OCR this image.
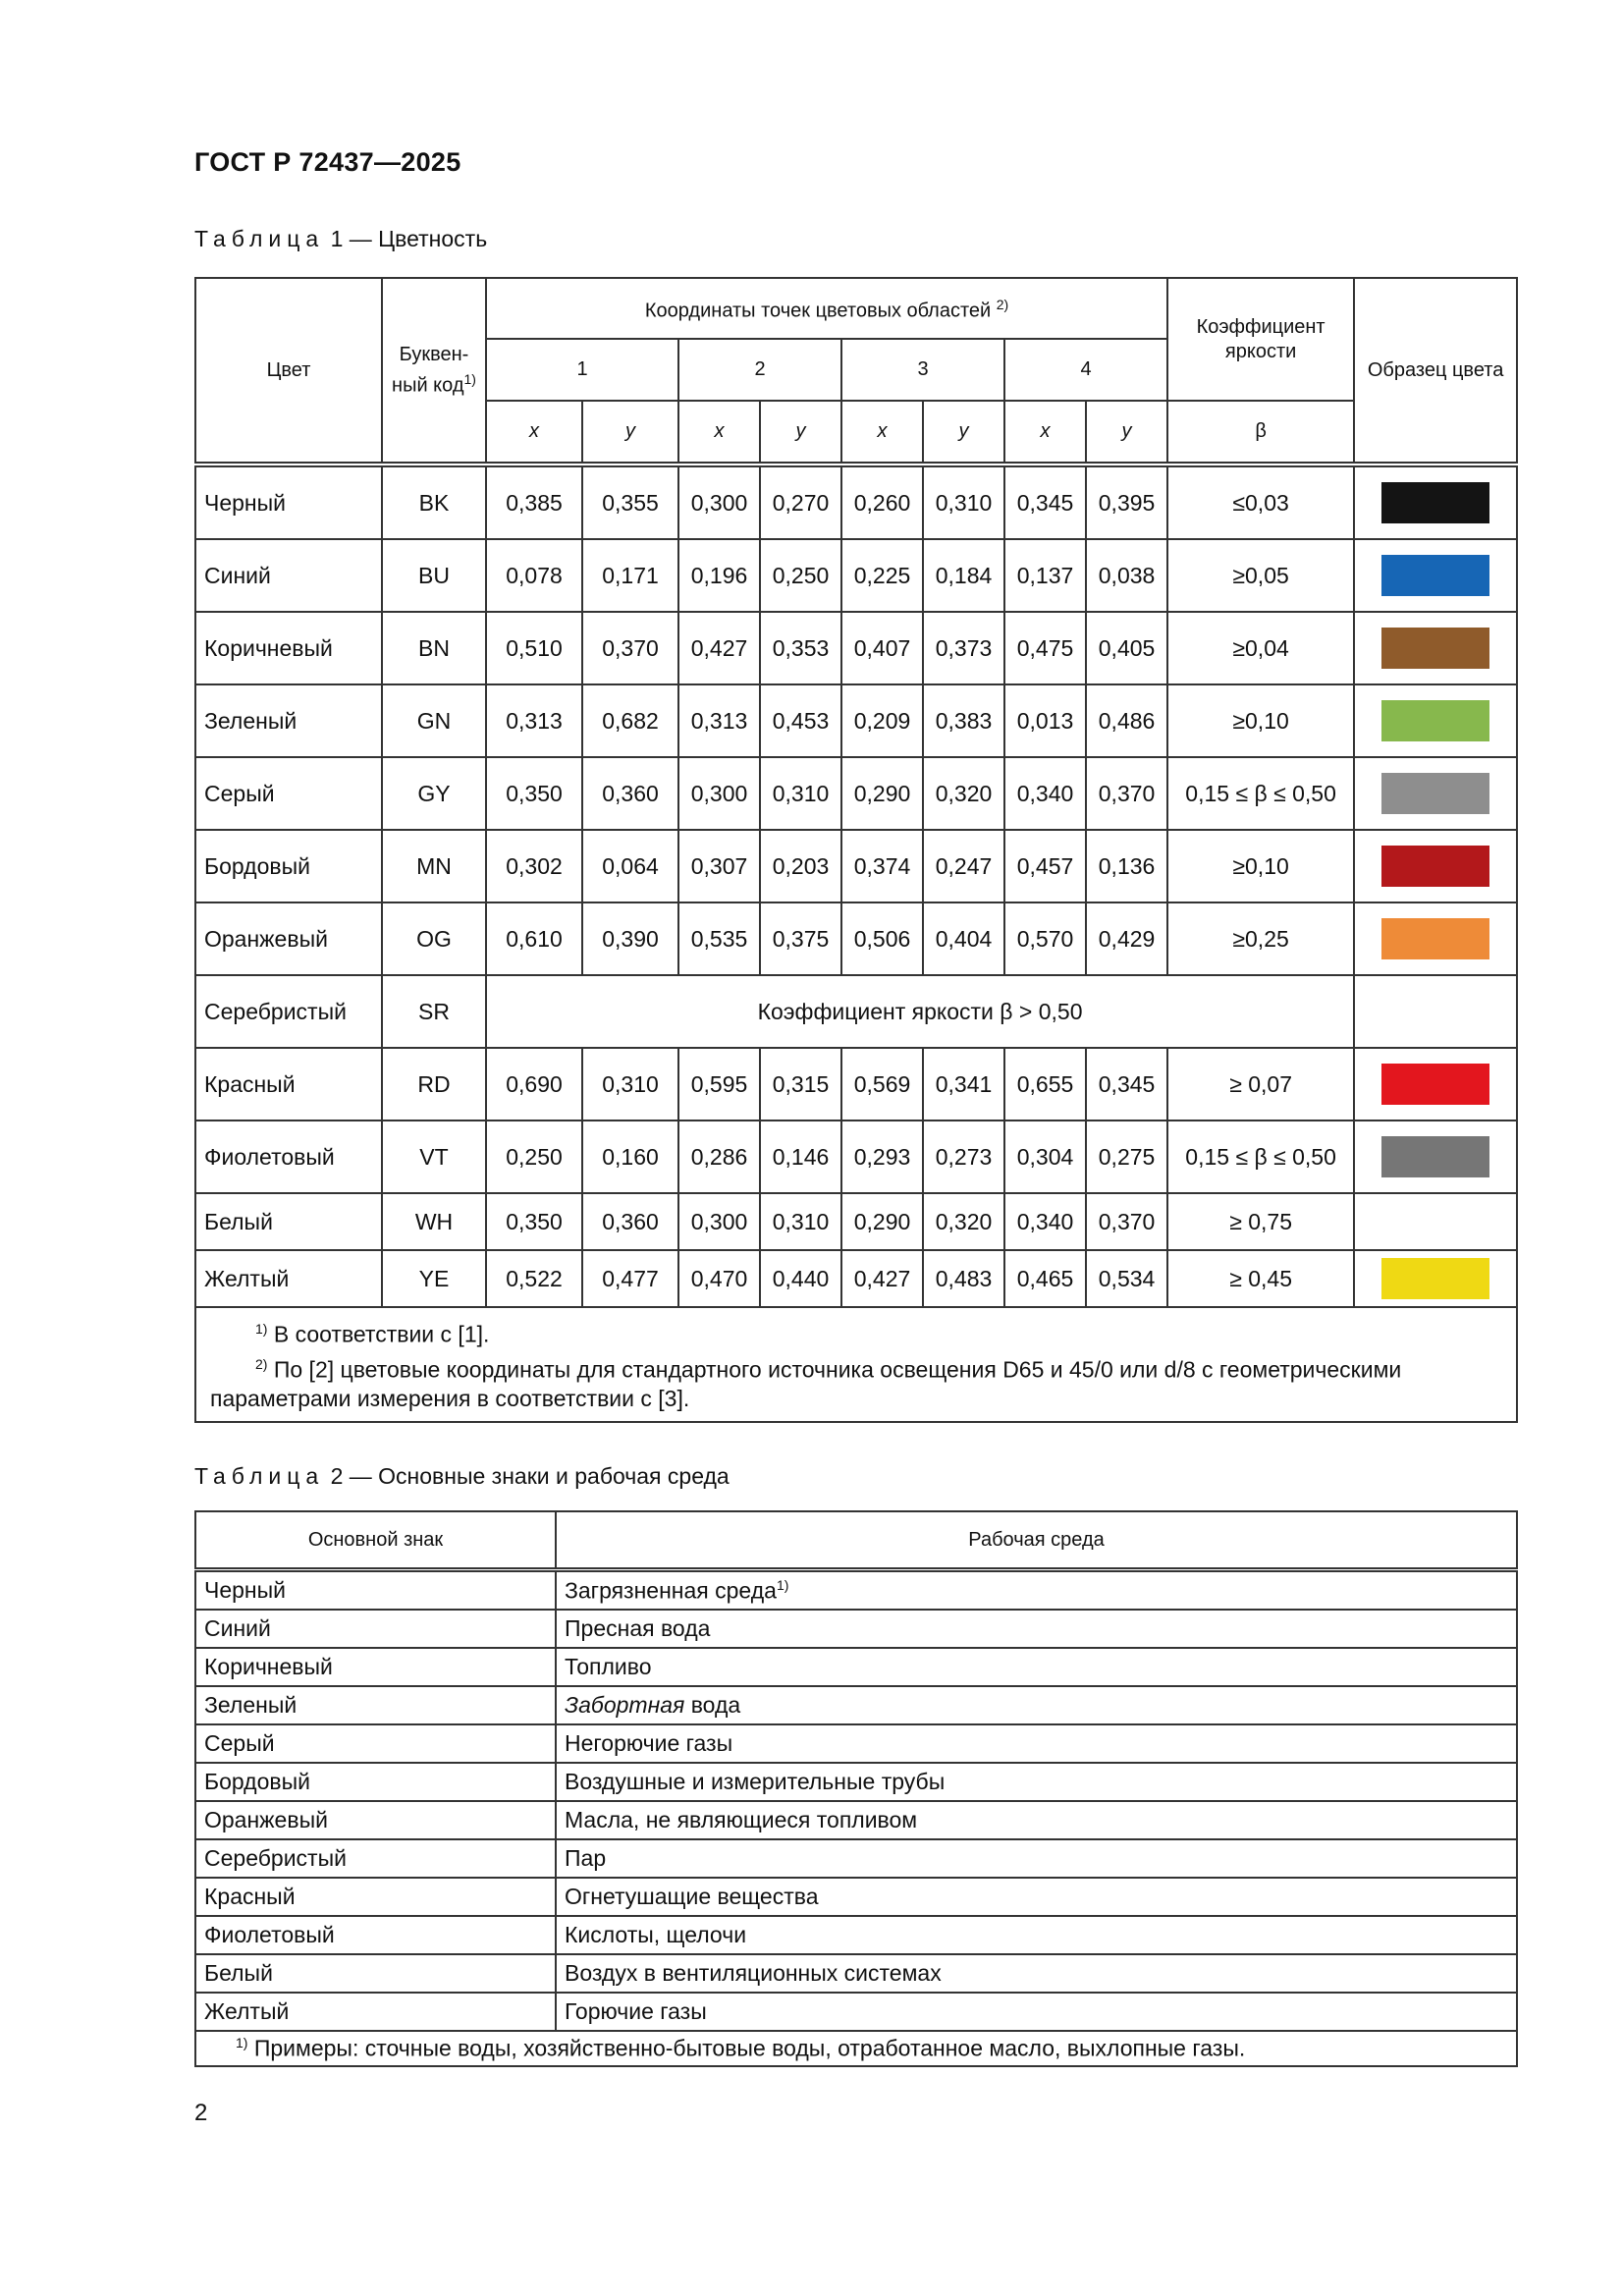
ГОСТ Р 72437—2025
Таблица 1 — Цветность
Цвет	Буквен-ный код$^{1)}$	Координаты точек цветовых областей $^{2)}$								Коэффициент яркости	Образец цвета
		1		2		3		4			
		x	y	x	y	x	y	x	y	β	
Черный	BK	0,385	0,355	0,300	0,270	0,260	0,310	0,345	0,395	≤0,03	
Синий	BU	0,078	0,171	0,196	0,250	0,225	0,184	0,137	0,038	≥0,05	
Коричневый	BN	0,510	0,370	0,427	0,353	0,407	0,373	0,475	0,405	≥0,04	
Зеленый	GN	0,313	0,682	0,313	0,453	0,209	0,383	0,013	0,486	≥0,10	
Серый	GY	0,350	0,360	0,300	0,310	0,290	0,320	0,340	0,370	0,15 ≤ β ≤ 0,50	
Бордовый	MN	0,302	0,064	0,307	0,203	0,374	0,247	0,457	0,136	≥0,10	
Оранжевый	OG	0,610	0,390	0,535	0,375	0,506	0,404	0,570	0,429	≥0,25	
Серебристый	SR	Коэффициент яркости β > 0,50									
Красный	RD	0,690	0,310	0,595	0,315	0,569	0,341	0,655	0,345	≥ 0,07	
Фиолетовый	VT	0,250	0,160	0,286	0,146	0,293	0,273	0,304	0,275	0,15 ≤ β ≤ 0,50	
Белый	WH	0,350	0,360	0,300	0,310	0,290	0,320	0,340	0,370	≥ 0,75	
Желтый	YE	0,522	0,477	0,470	0,440	0,427	0,483	0,465	0,534	≥ 0,45	

$^{1)}$ В соответствии с [1].
$^{2)}$ По [2] цветовые координаты для стандартного источника освещения D65 и 45/0 или d/8 с геометрическими параметрами измерения в соответствии с [3].											
Таблица 2 — Основные знаки и рабочая среда
Основной знак	Рабочая среда
Черный	Загрязненная среда$^{1)}$
Синий	Пресная вода
Коричневый	Топливо
Зеленый	Забортная вода
Серый	Негорючие газы
Бордовый	Воздушные и измерительные трубы
Оранжевый	Масла, не являющиеся топливом
Серебристый	Пар
Красный	Огнетушащие вещества
Фиолетовый	Кислоты, щелочи
Белый	Воздух в вентиляционных системах
Желтый	Горючие газы
$^{1)}$ Примеры: сточные воды, хозяйственно-бытовые воды, отработанное масло, выхлопные газы.	
2
